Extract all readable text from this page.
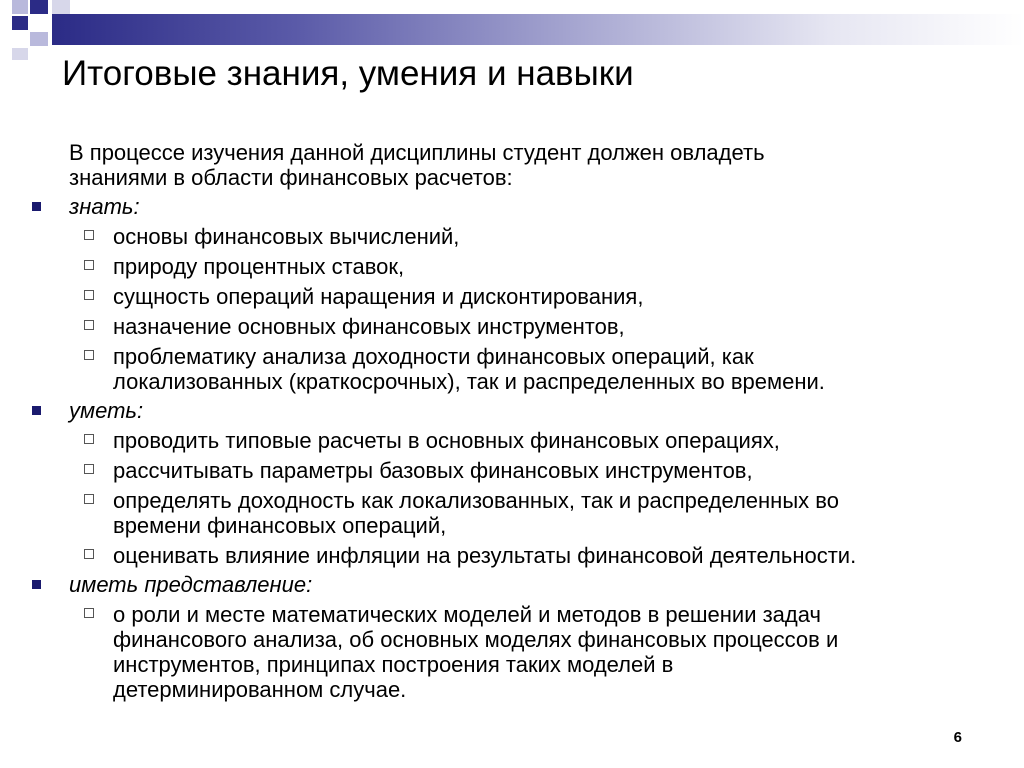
Итоговые знания, умения и навыки
В процессе изучения данной дисциплины студент должен овладеть
знаниями в области финансовых расчетов:
знать:
основы финансовых вычислений,
природу процентных ставок,
сущность операций наращения и дисконтирования,
назначение основных финансовых инструментов,
проблематику анализа доходности финансовых операций, как
локализованных (краткосрочных), так и распределенных во времени.
уметь:
проводить типовые расчеты в основных финансовых операциях,
рассчитывать параметры базовых финансовых инструментов,
определять доходность как локализованных, так и распределенных во
времени финансовых операций,
оценивать влияние инфляции на результаты финансовой деятельности.
иметь представление:
о роли и месте математических моделей и методов в решении задач
финансового анализа, об основных моделях финансовых процессов и
инструментов, принципах построения таких моделей в
детерминированном случае.
6
